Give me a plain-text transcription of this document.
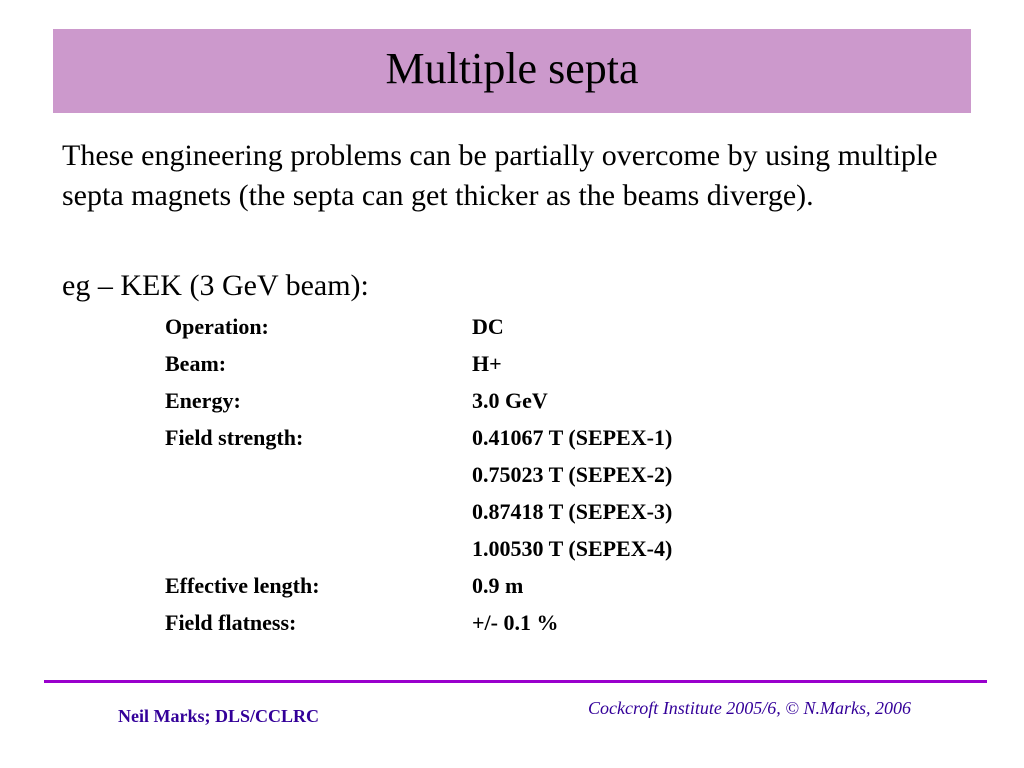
Multiple septa

These engineering problems can be partially overcome by using multiple septa magnets (the septa can get thicker as the beams diverge).

eg – KEK (3 GeV beam):

Operation:	DC
Beam:	H+
Energy:	3.0 GeV
Field strength:	0.41067 T (SEPEX-1)
0.75023 T (SEPEX-2)
0.87418 T (SEPEX-3)
1.00530 T (SEPEX-4)
Effective length:	0.9 m
Field flatness:	+/- 0.1 %
Neil Marks; DLS/CCLRC	Cockcroft Institute 2005/6, © N.Marks, 2006
